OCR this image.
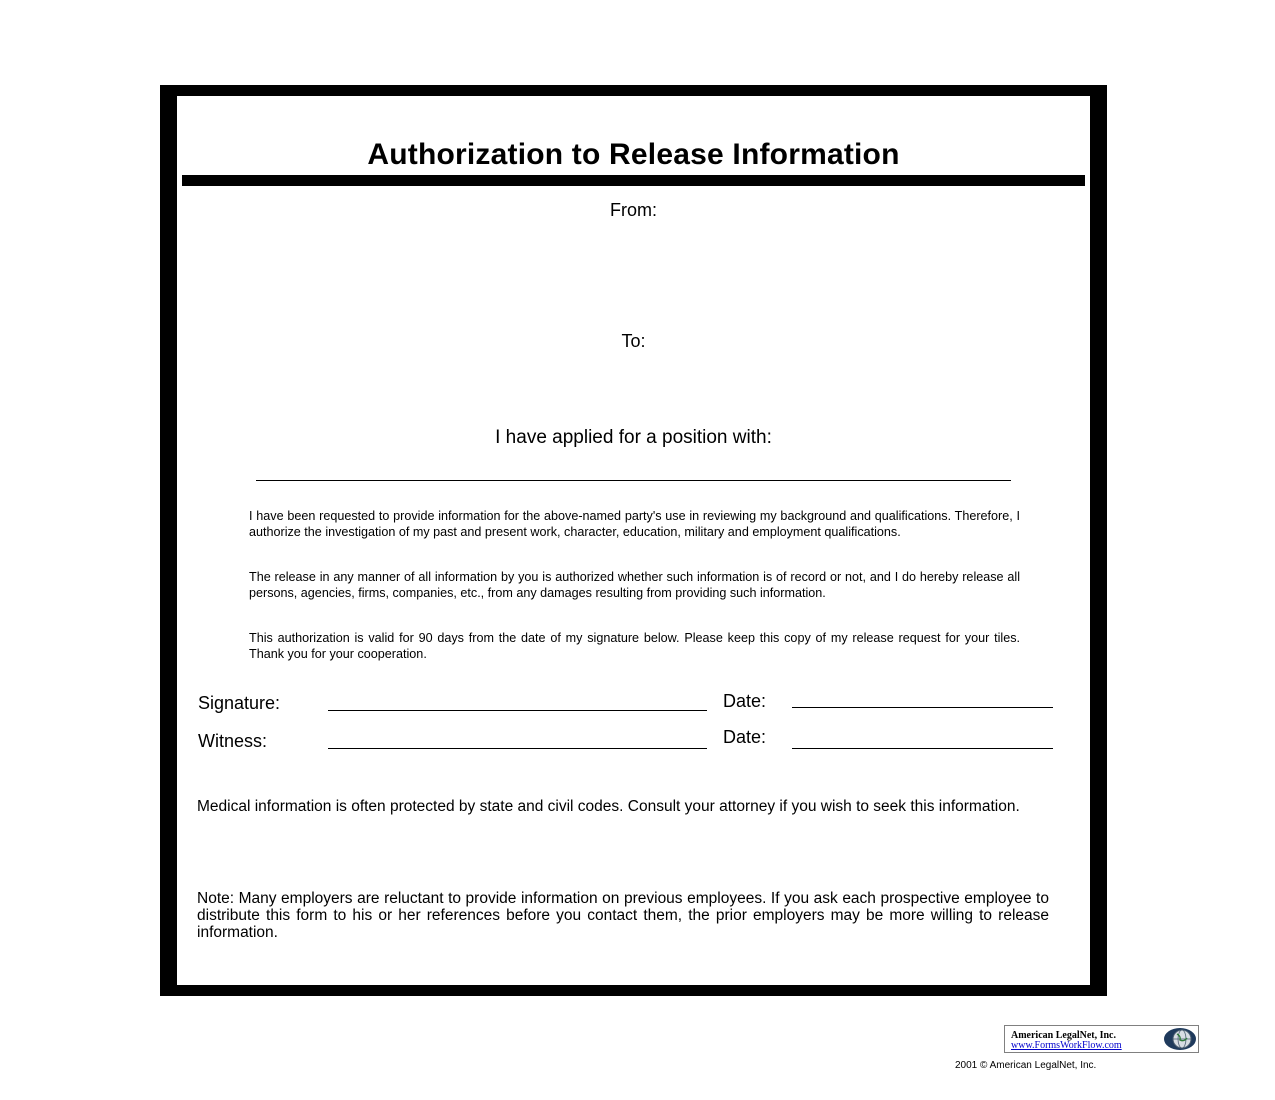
Authorization to Release Information
From:
To:
I have applied for a position with:

I have been requested to provide information for the above-named party's use in reviewing my background and qualifications. Therefore, I authorize the investigation of my past and present work, character, education, military and employment qualifications.

The release in any manner of all information by you is authorized whether such information is of record or not, and I do hereby release all persons, agencies, firms, companies, etc., from any damages resulting from providing such information.

This authorization is valid for 90 days from the date of my signature below. Please keep this copy of my release request for your tiles. Thank you for your cooperation.

Signature:	Date:
Witness:	Date:

Medical information is often protected by state and civil codes. Consult your attorney if you wish to seek this information.

Note: Many employers are reluctant to provide information on previous employees. If you ask each prospective employee to distribute this form to his or her references before you contact them, the prior employers may be more willing to release information.

American LegalNet, Inc.
www.FormsWorkFlow.com
2001 © American LegalNet, Inc.
